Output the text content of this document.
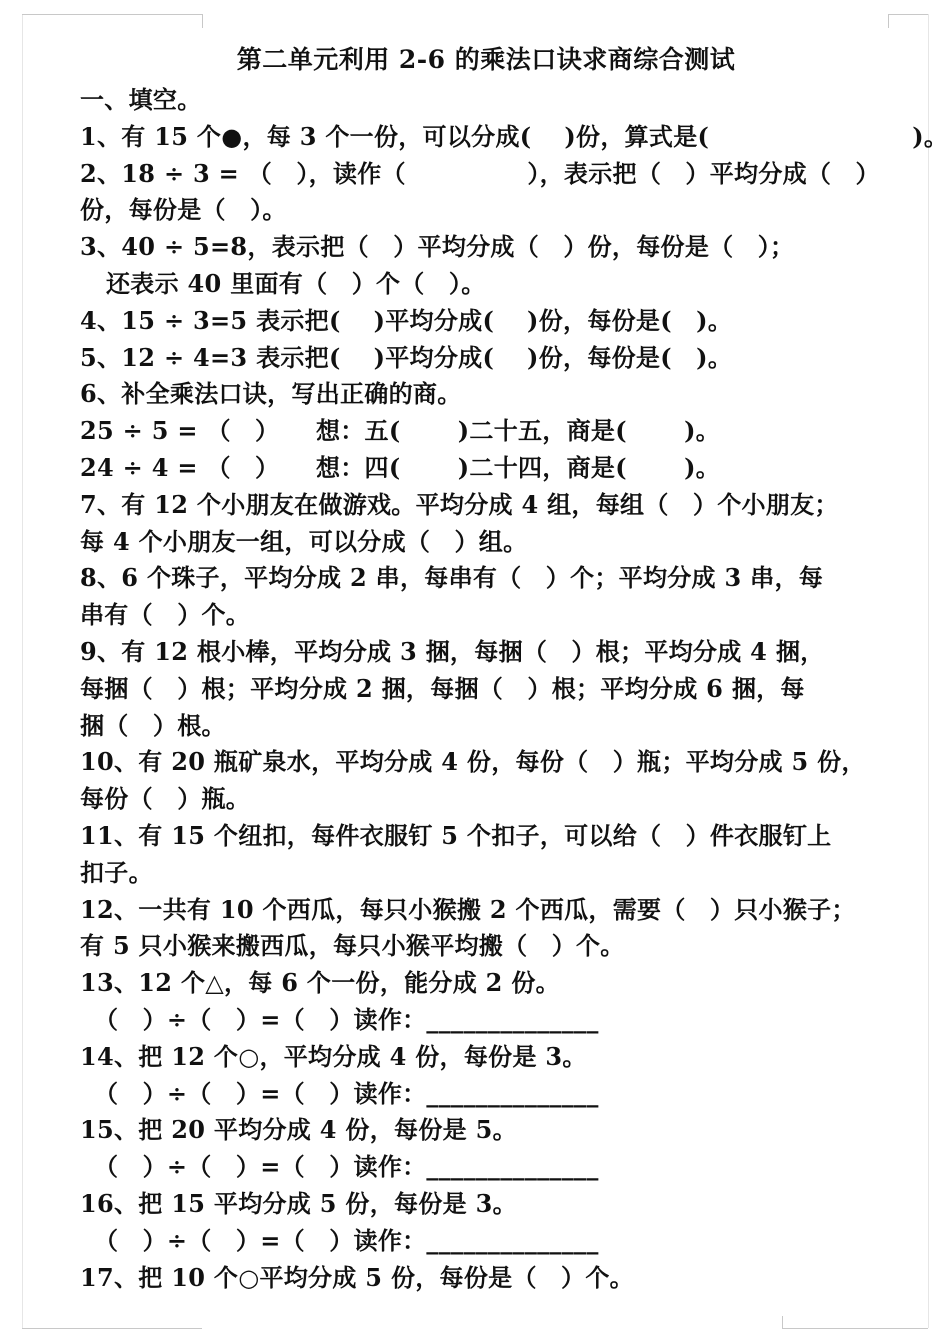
第二单元利用 2-6 的乘法口诀求商综合测试
一、填空。
1、有 15 个●，每 3 个一份，可以分成(　 )份，算式是(　　　　　　　　 )。
2、18 ÷ 3 = （　），读作（　　　　　），表示把（　）平均分成（　）
份，每份是（　）。
3、40 ÷ 5=8，表示把（　）平均分成（　）份，每份是（　）；
还表示 40 里面有（　）个（　）。
4、15 ÷ 3=5 表示把(　 )平均分成(　 )份，每份是(　)。
5、12 ÷ 4=3 表示把(　 )平均分成(　 )份，每份是(　)。
6、补全乘法口诀，写出正确的商。
25 ÷ 5 = （　）　　想：五(　　 )二十五，商是(　　 )。
24 ÷ 4 = （　）　　想：四(　　 )二十四，商是(　　 )。
7、有 12 个小朋友在做游戏。平均分成 4 组，每组（　）个小朋友；
每 4 个小朋友一组，可以分成（　）组。
8、6 个珠子，平均分成 2 串，每串有（　）个；平均分成 3 串，每
串有（　）个。
9、有 12 根小棒，平均分成 3 捆，每捆（　）根；平均分成 4 捆，
每捆（　）根；平均分成 2 捆，每捆（　）根；平均分成 6 捆，每
捆（　）根。
10、有 20 瓶矿泉水，平均分成 4 份，每份（　）瓶；平均分成 5 份，
每份（　）瓶。
11、有 15 个纽扣，每件衣服钉 5 个扣子，可以给（　）件衣服钉上
扣子。
12、一共有 10 个西瓜，每只小猴搬 2 个西瓜，需要（　）只小猴子；
有 5 只小猴来搬西瓜，每只小猴平均搬（　）个。
13、12 个△，每 6 个一份，能分成 2 份。
（　）÷（　）=（　）读作：______________
14、把 12 个○，平均分成 4 份，每份是 3。
（　）÷（　）=（　）读作：______________
15、把 20 平均分成 4 份，每份是 5。
（　）÷（　）=（　）读作：______________
16、把 15 平均分成 5 份，每份是 3。
（　）÷（　）=（　）读作：______________
17、把 10 个○平均分成 5 份，每份是（　）个。
